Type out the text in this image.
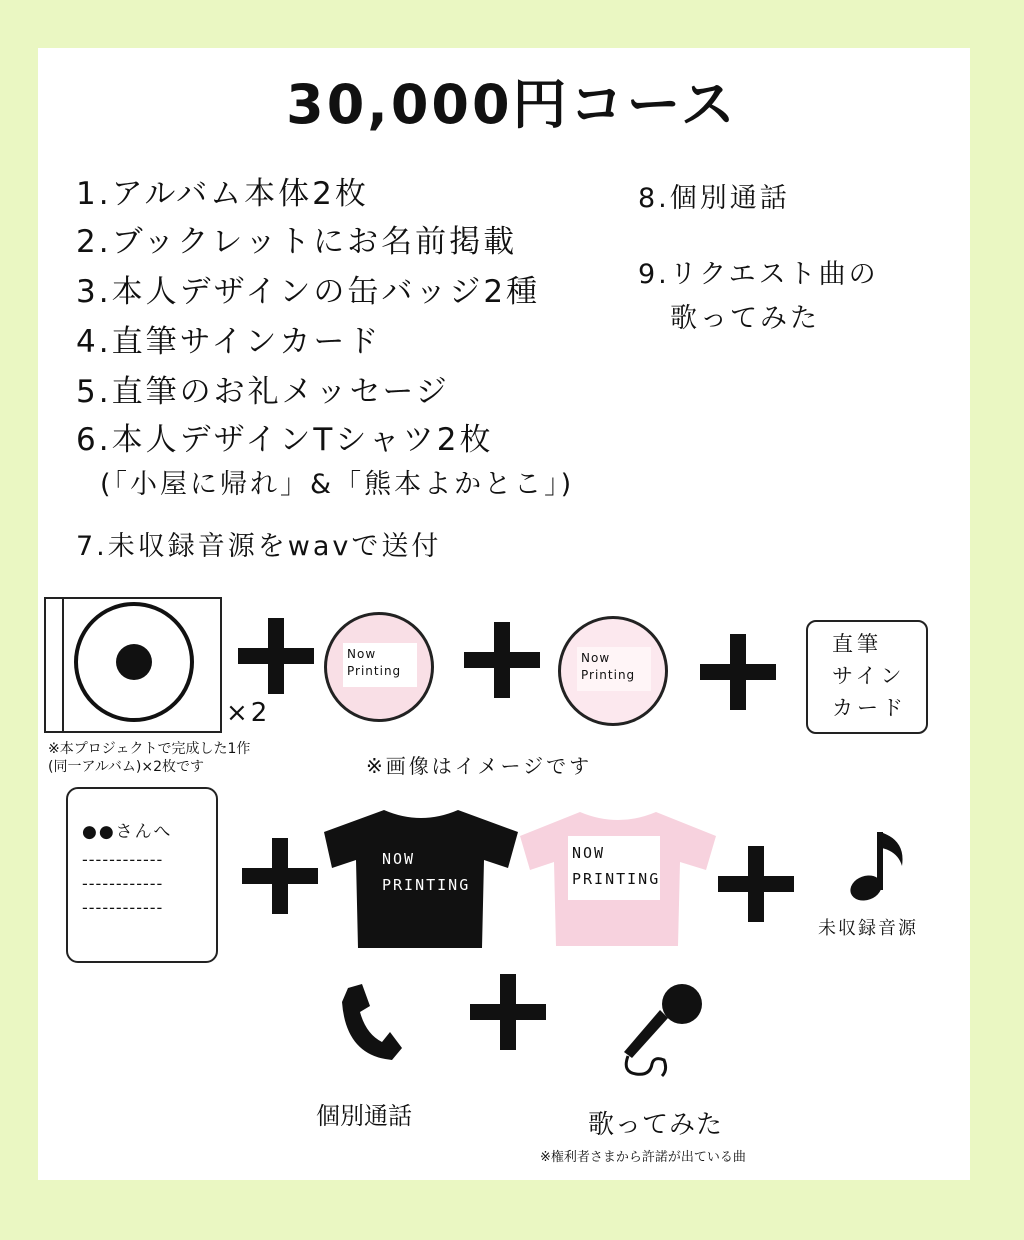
30,000円コース
1.アルバム本体2枚
2.ブックレットにお名前掲載
3.本人デザインの缶バッジ2種
4.直筆サインカード
5.直筆のお礼メッセージ
6.本人デザインTシャツ2枚
(「小屋に帰れ」&「熊本よかとこ」)
7.未収録音源をwavで送付
8.個別通話
9.リクエスト曲の
歌ってみた
×2
※本プロジェクトで完成した1作
(同一アルバム)×2枚です
Now
Printing
Now
Printing
直筆
サイン
カード
※画像はイメージです
●●さんへ
------------
------------
------------
NOW
PRINTING
NOW
PRINTING
未収録音源
個別通話	歌ってみた
※権利者さまから許諾が出ている曲
